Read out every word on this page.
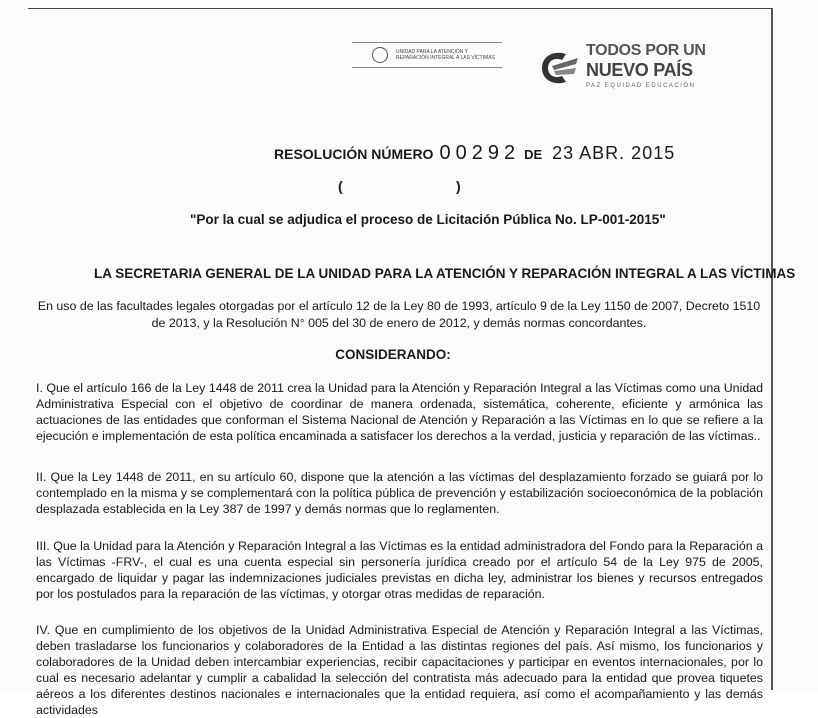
UNIDAD PARA LA ATENCIÓN Y REPARACIÓN INTEGRAL A LAS VÍCTIMAS	TODOS POR UN
NUEVO PAÍS
PAZ EQUIDAD EDUCACIÓN
RESOLUCIÓN NÚMERO 00292 DE 23 ABR. 2015
(	)
"Por la cual se adjudica el proceso de Licitación Pública No. LP-001-2015"
LA SECRETARIA GENERAL DE LA UNIDAD PARA LA ATENCIÓN Y REPARACIÓN INTEGRAL A LAS VÍCTIMAS
En uso de las facultades legales otorgadas por el artículo 12 de la Ley 80 de 1993, artículo 9 de la Ley 1150 de 2007, Decreto 1510 de 2013, y la Resolución N° 005 del 30 de enero de 2012, y demás normas concordantes.
CONSIDERANDO:
I. Que el artículo 166 de la Ley 1448 de 2011 crea la Unidad para la Atención y Reparación Integral a las Víctimas como una Unidad Administrativa Especial con el objetivo de coordinar de manera ordenada, sistemática, coherente, eficiente y armónica las actuaciones de las entidades que conforman el Sistema Nacional de Atención y Reparación a las Víctimas en lo que se refiere a la ejecución e implementación de esta política encaminada a satisfacer los derechos a la verdad, justicia y reparación de las víctimas..
II. Que la Ley 1448 de 2011, en su artículo 60, dispone que la atención a las víctimas del desplazamiento forzado se guiará por lo contemplado en la misma y se complementará con la política pública de prevención y estabilización socioeconómica de la población desplazada establecida en la Ley 387 de 1997 y demás normas que lo reglamenten.
III. Que la Unidad para la Atención y Reparación Integral a las Víctimas es la entidad administradora del Fondo para la Reparación a las Víctimas -FRV-, el cual es una cuenta especial sin personería jurídica creado por el artículo 54 de la Ley 975 de 2005, encargado de liquidar y pagar las indemnizaciones judiciales previstas en dicha ley, administrar los bienes y recursos entregados por los postulados para la reparación de las víctimas, y otorgar otras medidas de reparación.
IV. Que en cumplimiento de los objetivos de la Unidad Administrativa Especial de Atención y Reparación Integral a las Víctimas, deben trasladarse los funcionarios y colaboradores de la Entidad a las distintas regiones del país. Así mismo, los funcionarios y colaboradores de la Unidad deben intercambiar experiencias, recibir capacitaciones y participar en eventos internacionales, por lo cual es necesario adelantar y cumplir a cabalidad la selección del contratista más adecuado para la entidad que provea tiquetes aéreos a los diferentes destinos nacionales e internacionales que la entidad requiera, así como el acompañamiento y las demás actividades
